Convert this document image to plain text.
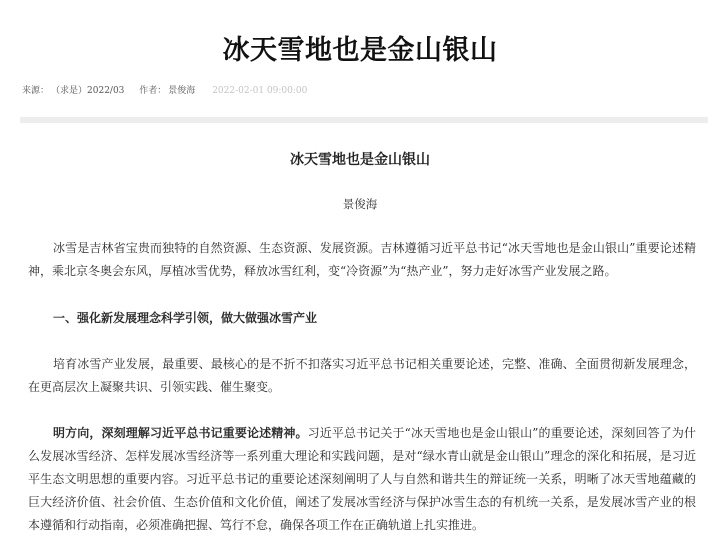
冰天雪地也是金山银山
来源： （求是）2022/03 作者： 景俊海 2022-02-01 09:00:00
冰天雪地也是金山银山
景俊海

冰雪是吉林省宝贵而独特的自然资源、生态资源、发展资源。吉林遵循习近平总书记“冰天雪地也是金山银山”重要论述精神，乘北京冬奥会东风，厚植冰雪优势，释放冰雪红利，变“冷资源”为“热产业”，努力走好冰雪产业发展之路。

一、强化新发展理念科学引领，做大做强冰雪产业

培育冰雪产业发展，最重要、最核心的是不折不扣落实习近平总书记相关重要论述，完整、准确、全面贯彻新发展理念，在更高层次上凝聚共识、引领实践、催生聚变。

明方向，深刻理解习近平总书记重要论述精神。习近平总书记关于“冰天雪地也是金山银山”的重要论述，深刻回答了为什么发展冰雪经济、怎样发展冰雪经济等一系列重大理论和实践问题，是对“绿水青山就是金山银山”理念的深化和拓展，是习近平生态文明思想的重要内容。习近平总书记的重要论述深刻阐明了人与自然和谐共生的辩证统一关系，明晰了冰天雪地蕴藏的巨大经济价值、社会价值、生态价值和文化价值，阐述了发展冰雪经济与保护冰雪生态的有机统一关系，是发展冰雪产业的根本遵循和行动指南，必须准确把握、笃行不怠，确保各项工作在正确轨道上扎实推进。
